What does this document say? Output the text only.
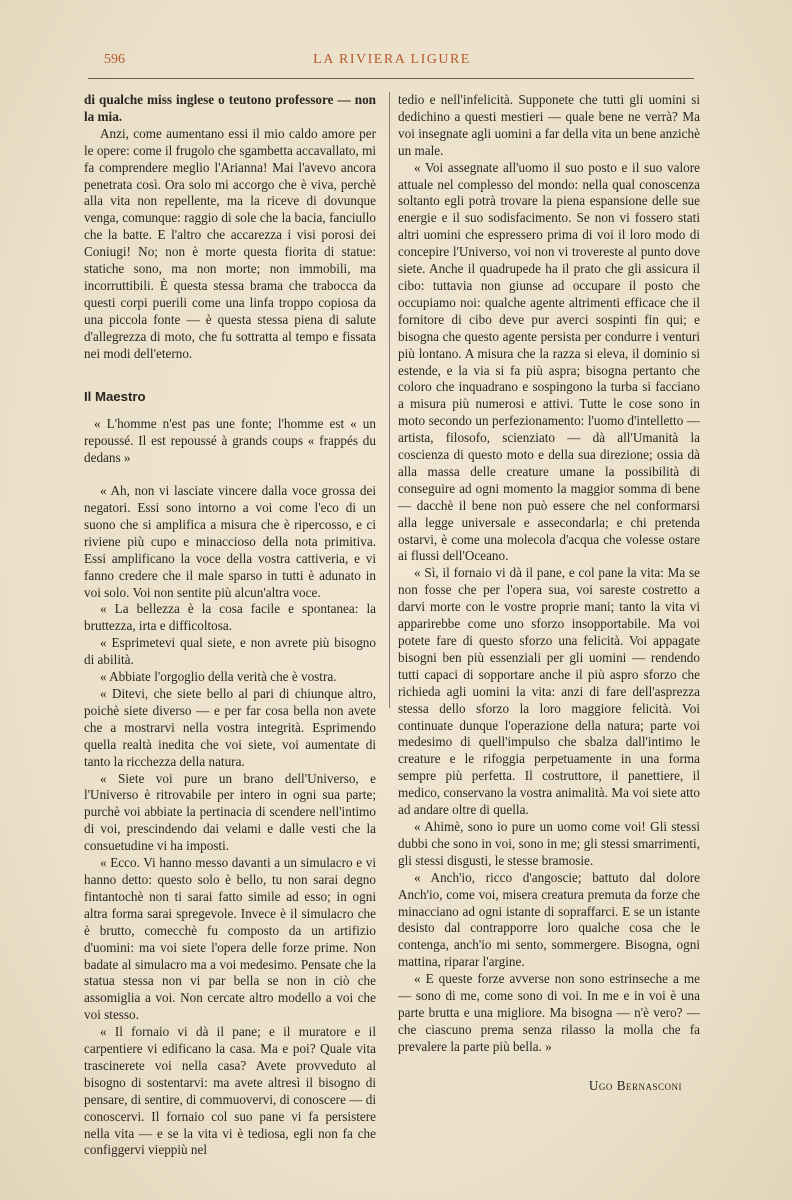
596	LA RIVIERA LIGURE

di qualche miss inglese o teutono professore — non la mia.

Anzi, come aumentano essi il mio caldo amore per le opere: come il frugolo che sgambetta accavallato, mi fa comprendere meglio l'Arianna! Mai l'avevo ancora penetrata così. Ora solo mi accorgo che è viva, perchè alla vita non repellente, ma la riceve di dovunque venga, comunque: raggio di sole che la bacia, fanciullo che la batte. E l'altro che accarezza i visi porosi dei Coniugi! No; non è morte questa fiorita di statue: statiche sono, ma non morte; non immobili, ma incorruttibili. È questa stessa brama che trabocca da questi corpi puerili come una linfa troppo copiosa da una piccola fonte — è questa stessa piena di salute d'allegrezza di moto, che fu sottratta al tempo e fissata nei modi dell'eterno.

Il Maestro

« L'homme n'est pas une fonte; l'homme est « un repoussé. Il est repoussé à grands coups « frappés du dedans »

« Ah, non vi lasciate vincere dalla voce grossa dei negatori. Essi sono intorno a voi come l'eco di un suono che si amplifica a misura che è ripercosso, e ci riviene più cupo e minaccioso della nota primitiva. Essi amplificano la voce della vostra cattiveria, e vi fanno credere che il male sparso in tutti è adunato in voi solo. Voi non sentite più alcun'altra voce.

« La bellezza è la cosa facile e spontanea: la bruttezza, irta e difficoltosa.

« Esprimetevi qual siete, e non avrete più bisogno di abilità.

« Abbiate l'orgoglio della verità che è vostra.

« Ditevi, che siete bello al pari di chiunque altro, poichè siete diverso — e per far cosa bella non avete che a mostrarvi nella vostra integrità. Esprimendo quella realtà inedita che voi siete, voi aumentate di tanto la ricchezza della natura.

« Siete voi pure un brano dell'Universo, e l'Universo è ritrovabile per intero in ogni sua parte; purchè voi abbiate la pertinacia di scendere nell'intimo di voi, prescindendo dai velami e dalle vesti che la consuetudine vi ha imposti.

« Ecco. Vi hanno messo davanti a un simulacro e vi hanno detto: questo solo è bello, tu non sarai degno fintantochè non ti sarai fatto simile ad esso; in ogni altra forma sarai spregevole. Invece è il simulacro che è brutto, comecchè fu composto da un artifizio d'uomini: ma voi siete l'opera delle forze prime. Non badate al simulacro ma a voi medesimo. Pensate che la statua stessa non vi par bella se non in ciò che assomiglia a voi. Non cercate altro modello a voi che voi stesso.

« Il fornaio vi dà il pane; e il muratore e il carpentiere vi edificano la casa. Ma e poi? Quale vita trascinerete voi nella casa? Avete provveduto al bisogno di sostentarvi: ma avete altresì il bisogno di pensare, di sentire, di commuovervi, di conoscere — di conoscervi. Il fornaio col suo pane vi fa persistere nella vita — e se la vita vi è tediosa, egli non fa che configgervi vieppiù nel

tedio e nell'infelicità. Supponete che tutti gli uomini si dedichino a questi mestieri — quale bene ne verrà? Ma voi insegnate agli uomini a far della vita un bene anzichè un male.

« Voi assegnate all'uomo il suo posto e il suo valore attuale nel complesso del mondo: nella qual conoscenza soltanto egli potrà trovare la piena espansione delle sue energie e il suo sodisfacimento. Se non vi fossero stati altri uomini che espressero prima di voi il loro modo di concepire l'Universo, voi non vi trovereste al punto dove siete. Anche il quadrupede ha il prato che gli assicura il cibo: tuttavia non giunse ad occupare il posto che occupiamo noi: qualche agente altrimenti efficace che il fornitore di cibo deve pur averci sospinti fin qui; e bisogna che questo agente persista per condurre i venturi più lontano. A misura che la razza si eleva, il dominio si estende, e la via si fa più aspra; bisogna pertanto che coloro che inquadrano e sospingono la turba si facciano a misura più numerosi e attivi. Tutte le cose sono in moto secondo un perfezionamento: l'uomo d'intelletto — artista, filosofo, scienziato — dà all'Umanità la coscienza di questo moto e della sua direzione; ossia dà alla massa delle creature umane la possibilità di conseguire ad ogni momento la maggior somma di bene — dacchè il bene non può essere che nel conformarsi alla legge universale e assecondarla; e chi pretenda ostarvi, è come una molecola d'acqua che volesse ostare ai flussi dell'Oceano.

« Sì, il fornaio vi dà il pane, e col pane la vita: Ma se non fosse che per l'opera sua, voi sareste costretto a darvi morte con le vostre proprie mani; tanto la vita vi apparirebbe come uno sforzo insopportabile. Ma voi potete fare di questo sforzo una felicità. Voi appagate bisogni ben più essenziali per gli uomini — rendendo tutti capaci di sopportare anche il più aspro sforzo che richieda agli uomini la vita: anzi di fare dell'asprezza stessa dello sforzo la loro maggiore felicità. Voi continuate dunque l'operazione della natura; parte voi medesimo di quell'impulso che sbalza dall'intimo le creature e le rifoggia perpetuamente in una forma sempre più perfetta. Il costruttore, il panettiere, il medico, conservano la vostra animalità. Ma voi siete atto ad andare oltre di quella.

« Ahimè, sono io pure un uomo come voi! Gli stessi dubbi che sono in voi, sono in me; gli stessi smarrimenti, gli stessi disgusti, le stesse bramosie.

« Anch'io, ricco d'angoscie; battuto dal dolore Anch'io, come voi, misera creatura premuta da forze che minacciano ad ogni istante di sopraffarci. E se un istante desisto dal contrapporre loro qualche cosa che le contenga, anch'io mi sento, sommergere. Bisogna, ogni mattina, riparar l'argine.

« E queste forze avverse non sono estrinseche a me — sono di me, come sono di voi. In me e in voi è una parte brutta e una migliore. Ma bisogna — n'è vero? — che ciascuno prema senza rilasso la molla che fa prevalere la parte più bella. »

Ugo Bernasconi
